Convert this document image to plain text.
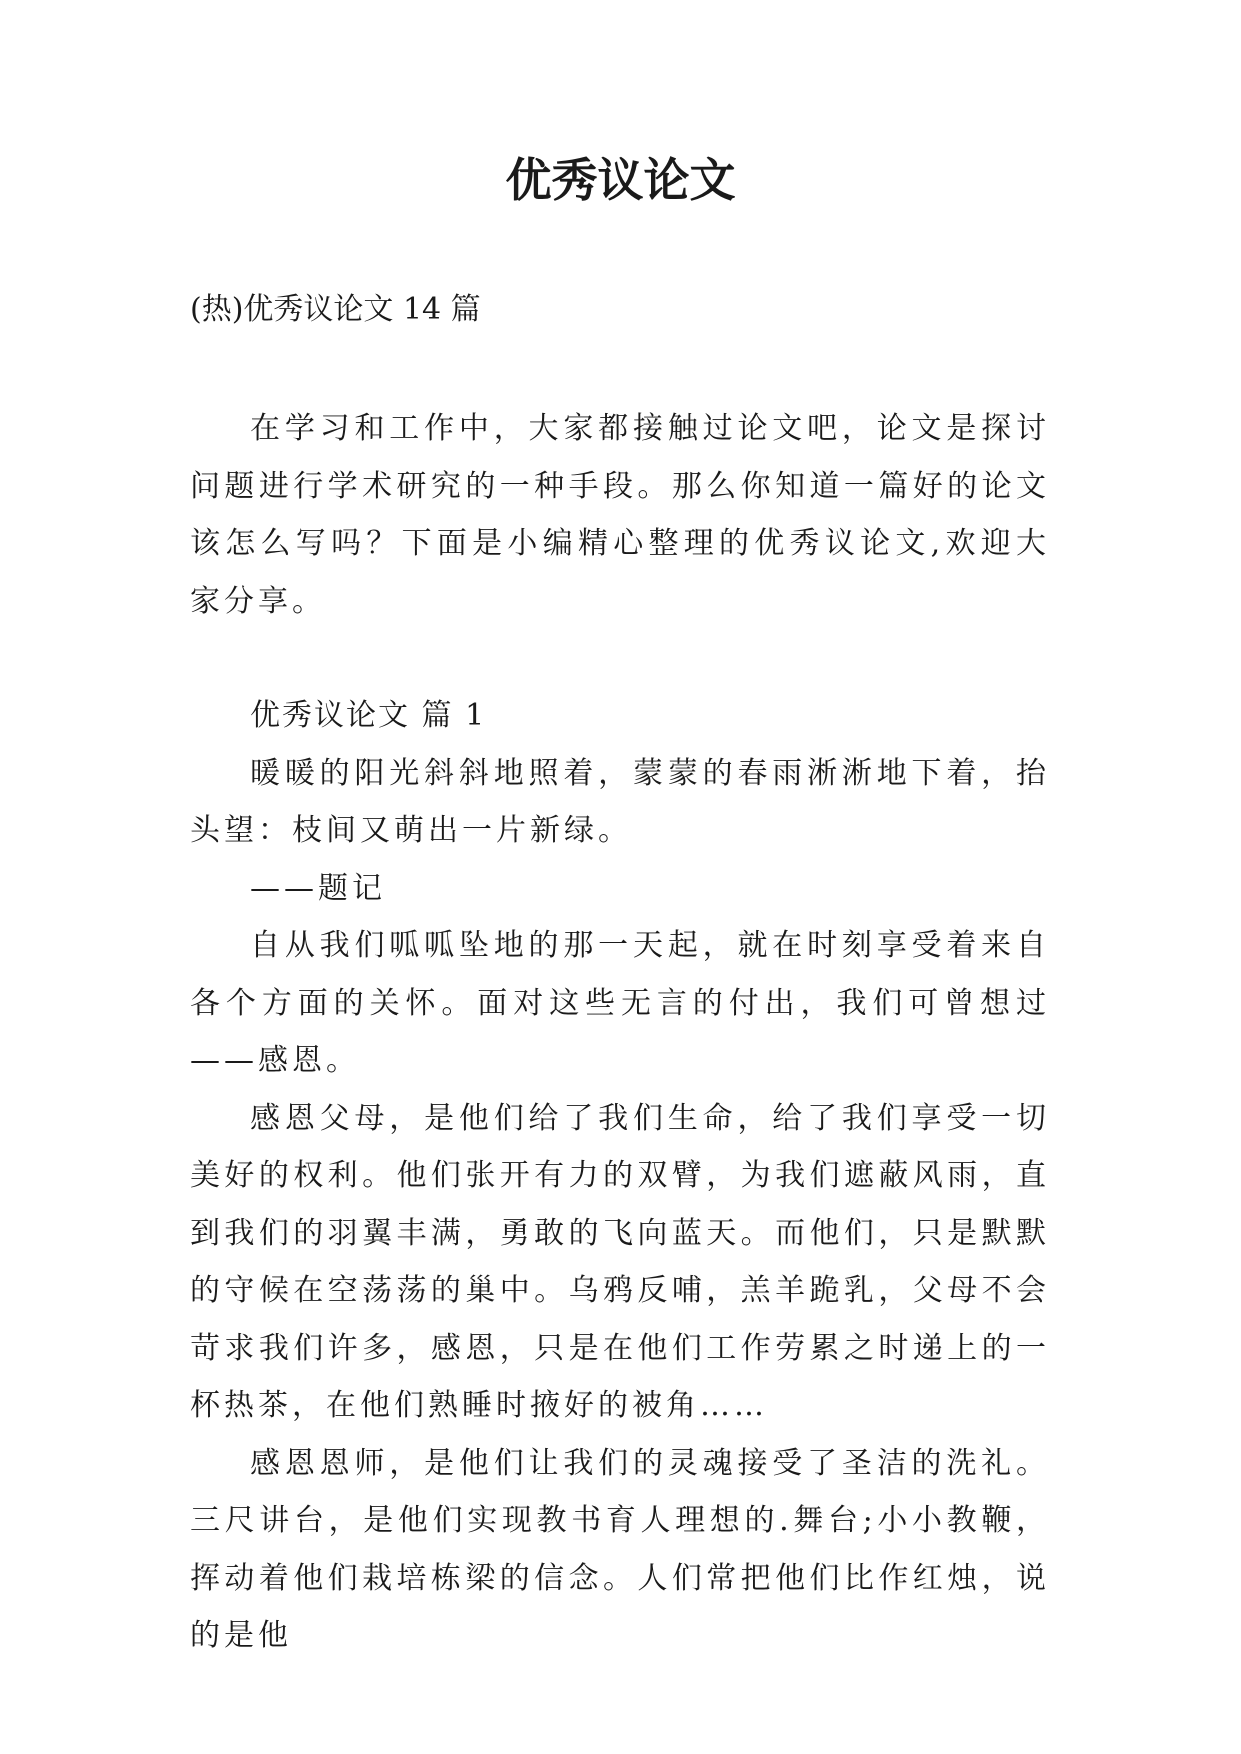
优秀议论文

(热)优秀议论文 14 篇

在学习和工作中，大家都接触过论文吧，论文是探讨问题进行学术研究的一种手段。那么你知道一篇好的论文该怎么写吗？下面是小编精心整理的优秀议论文,欢迎大家分享。

优秀议论文 篇 1

暖暖的阳光斜斜地照着，蒙蒙的春雨淅淅地下着，抬头望：枝间又萌出一片新绿。

——题记

自从我们呱呱坠地的那一天起，就在时刻享受着来自各个方面的关怀。面对这些无言的付出，我们可曾想过——感恩。

感恩父母，是他们给了我们生命，给了我们享受一切美好的权利。他们张开有力的双臂，为我们遮蔽风雨，直到我们的羽翼丰满，勇敢的飞向蓝天。而他们，只是默默的守候在空荡荡的巢中。乌鸦反哺，羔羊跪乳，父母不会苛求我们许多，感恩，只是在他们工作劳累之时递上的一杯热茶，在他们熟睡时掖好的被角……

感恩恩师，是他们让我们的灵魂接受了圣洁的洗礼。三尺讲台，是他们实现教书育人理想的.舞台;小小教鞭，挥动着他们栽培栋梁的信念。人们常把他们比作红烛，说的是他
